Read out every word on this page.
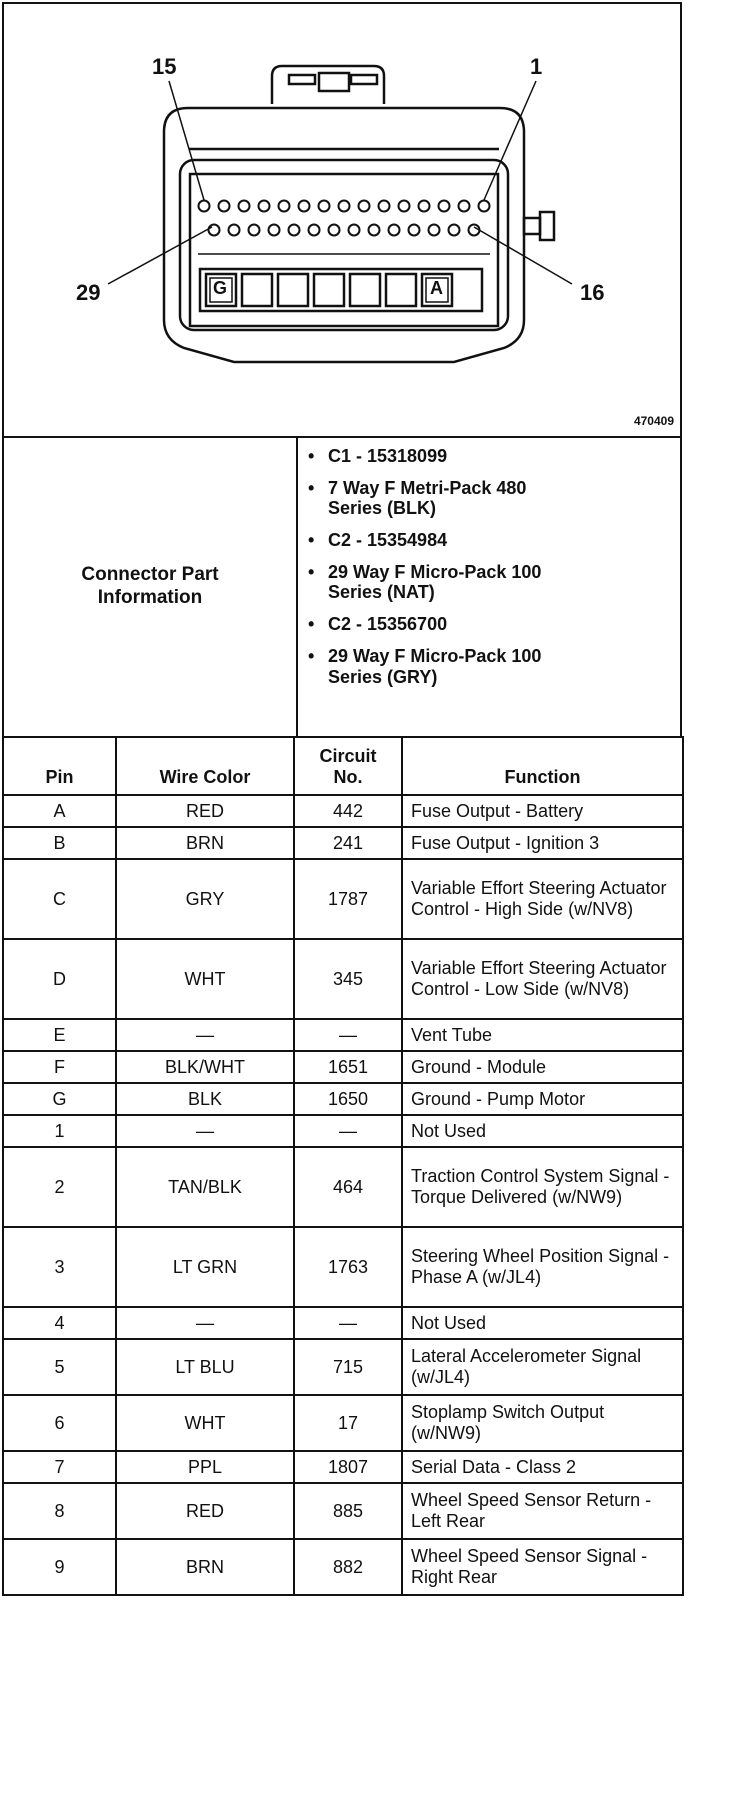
15	1
29	16
G	A
470409
Connector Part Information
• C1 - 15318099
• 7 Way F Metri-Pack 480 Series (BLK)
• C2 - 15354984
• 29 Way F Micro-Pack 100 Series (NAT)
• C2 - 15356700
• 29 Way F Micro-Pack 100 Series (GRY)
Pin	Wire Color	Circuit No.	Function
A	RED	442	Fuse Output - Battery
B	BRN	241	Fuse Output - Ignition 3
C	GRY	1787	Variable Effort Steering Actuator Control - High Side (w/NV8)
D	WHT	345	Variable Effort Steering Actuator Control - Low Side (w/NV8)
E	—	—	Vent Tube
F	BLK/WHT	1651	Ground - Module
G	BLK	1650	Ground - Pump Motor
1	—	—	Not Used
2	TAN/BLK	464	Traction Control System Signal - Torque Delivered (w/NW9)
3	LT GRN	1763	Steering Wheel Position Signal - Phase A (w/JL4)
4	—	—	Not Used
5	LT BLU	715	Lateral Accelerometer Signal (w/JL4)
6	WHT	17	Stoplamp Switch Output (w/NW9)
7	PPL	1807	Serial Data - Class 2
8	RED	885	Wheel Speed Sensor Return - Left Rear
9	BRN	882	Wheel Speed Sensor Signal - Right Rear
